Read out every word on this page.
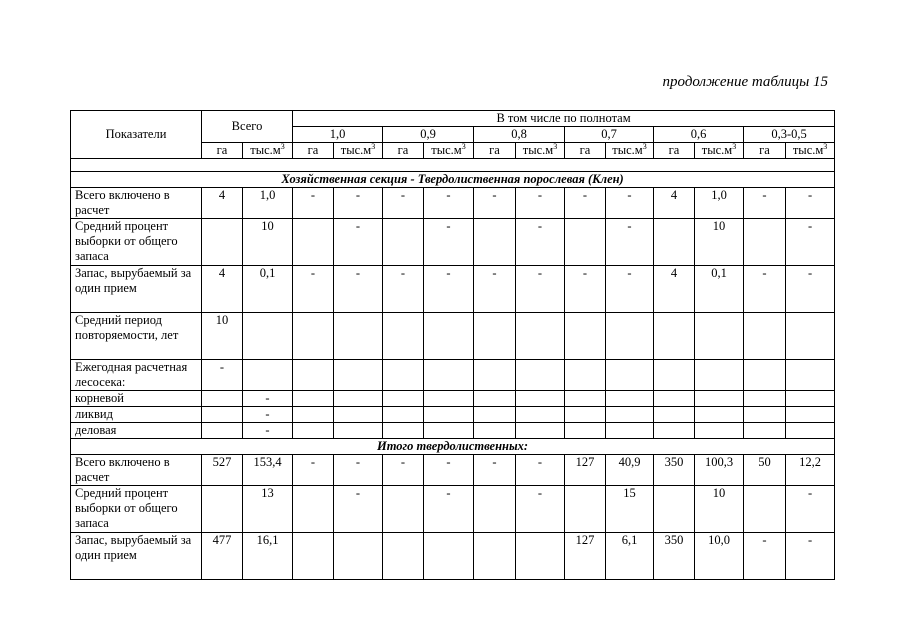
продолжение таблицы 15
Показатели	Всего		В том числе по полнотам											
			1,0		0,9		0,8		0,7		0,6		0,3-0,5	
	га	$тыс.м^3$	га	$тыс.м^3$	га	$тыс.м^3$	га	$тыс.м^3$	га	$тыс.м^3$	га	$тыс.м^3$	га	$тыс.м^3$

Хозяйственная секция - Твердолиственная порослевая (Клен)														
Всего включено в расчет	4	1,0	-	-	-	-	-	-	-	-	4	1,0	-	-
Средний процент выборки от общего запаса		10		-		-		-		-		10		-
Запас, вырубаемый за один прием	4	0,1	-	-	-	-	-	-	-	-	4	0,1	-	-
Средний период повторяемости, лет	10													
Ежегодная расчетная лесосека:	-													
корневой		-												
ликвид		-												
деловая		-												
Итого твердолиственных:														
Всего включено в расчет	527	153,4	-	-	-	-	-	-	127	40,9	350	100,3	50	12,2
Средний процент выборки от общего запаса		13		-		-		-		15		10		-
Запас, вырубаемый за один прием	477	16,1							127	6,1	350	10,0	-	-
